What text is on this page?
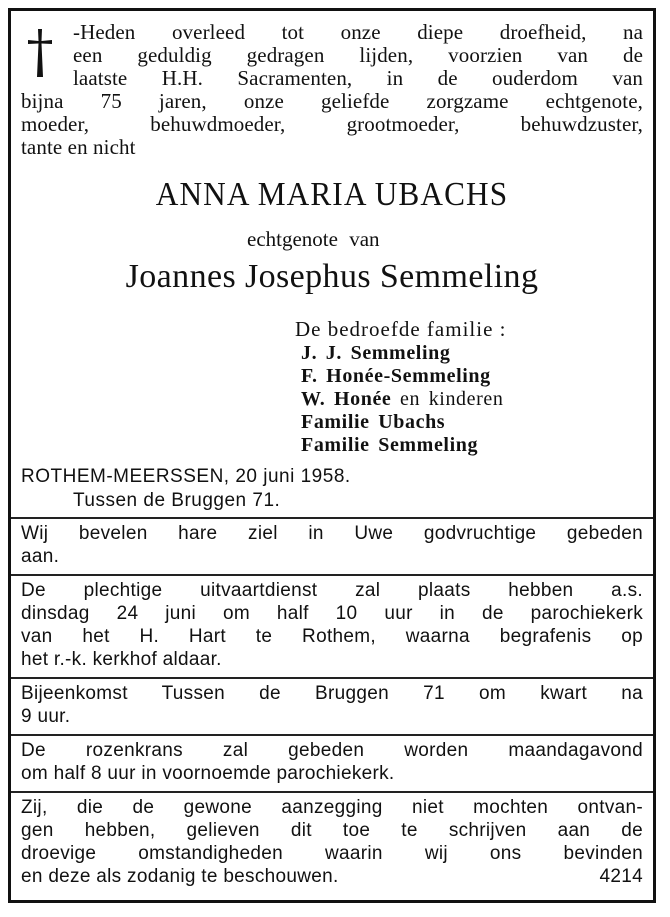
-Heden overleed tot onze diepe droefheid, na
een geduldig gedragen lijden, voorzien van de
laatste H.H. Sacramenten, in de ouderdom van
bijna 75 jaren, onze geliefde zorgzame echtgenote,
moeder, behuwdmoeder, grootmoeder, behuwdzuster,
tante en nicht
ANNA MARIA UBACHS
echtgenote van
Joannes Josephus Semmeling
De bedroefde familie :
J. J. Semmeling
F. Honée-Semmeling
W. Honée en kinderen
Familie Ubachs
Familie Semmeling
ROTHEM-MEERSSEN, 20 juni 1958.
Tussen de Bruggen 71.
Wij bevelen hare ziel in Uwe godvruchtige gebeden
aan.
De plechtige uitvaartdienst zal plaats hebben a.s.
dinsdag 24 juni om half 10 uur in de parochiekerk
van het H. Hart te Rothem, waarna begrafenis op
het r.-k. kerkhof aldaar.
Bijeenkomst Tussen de Bruggen 71 om kwart na
9 uur.
De rozenkrans zal gebeden worden maandagavond
om half 8 uur in voornoemde parochiekerk.
Zij, die de gewone aanzegging niet mochten ontvan-
gen hebben, gelieven dit toe te schrijven aan de
droevige omstandigheden waarin wij ons bevinden
en deze als zodanig te beschouwen.	4214
